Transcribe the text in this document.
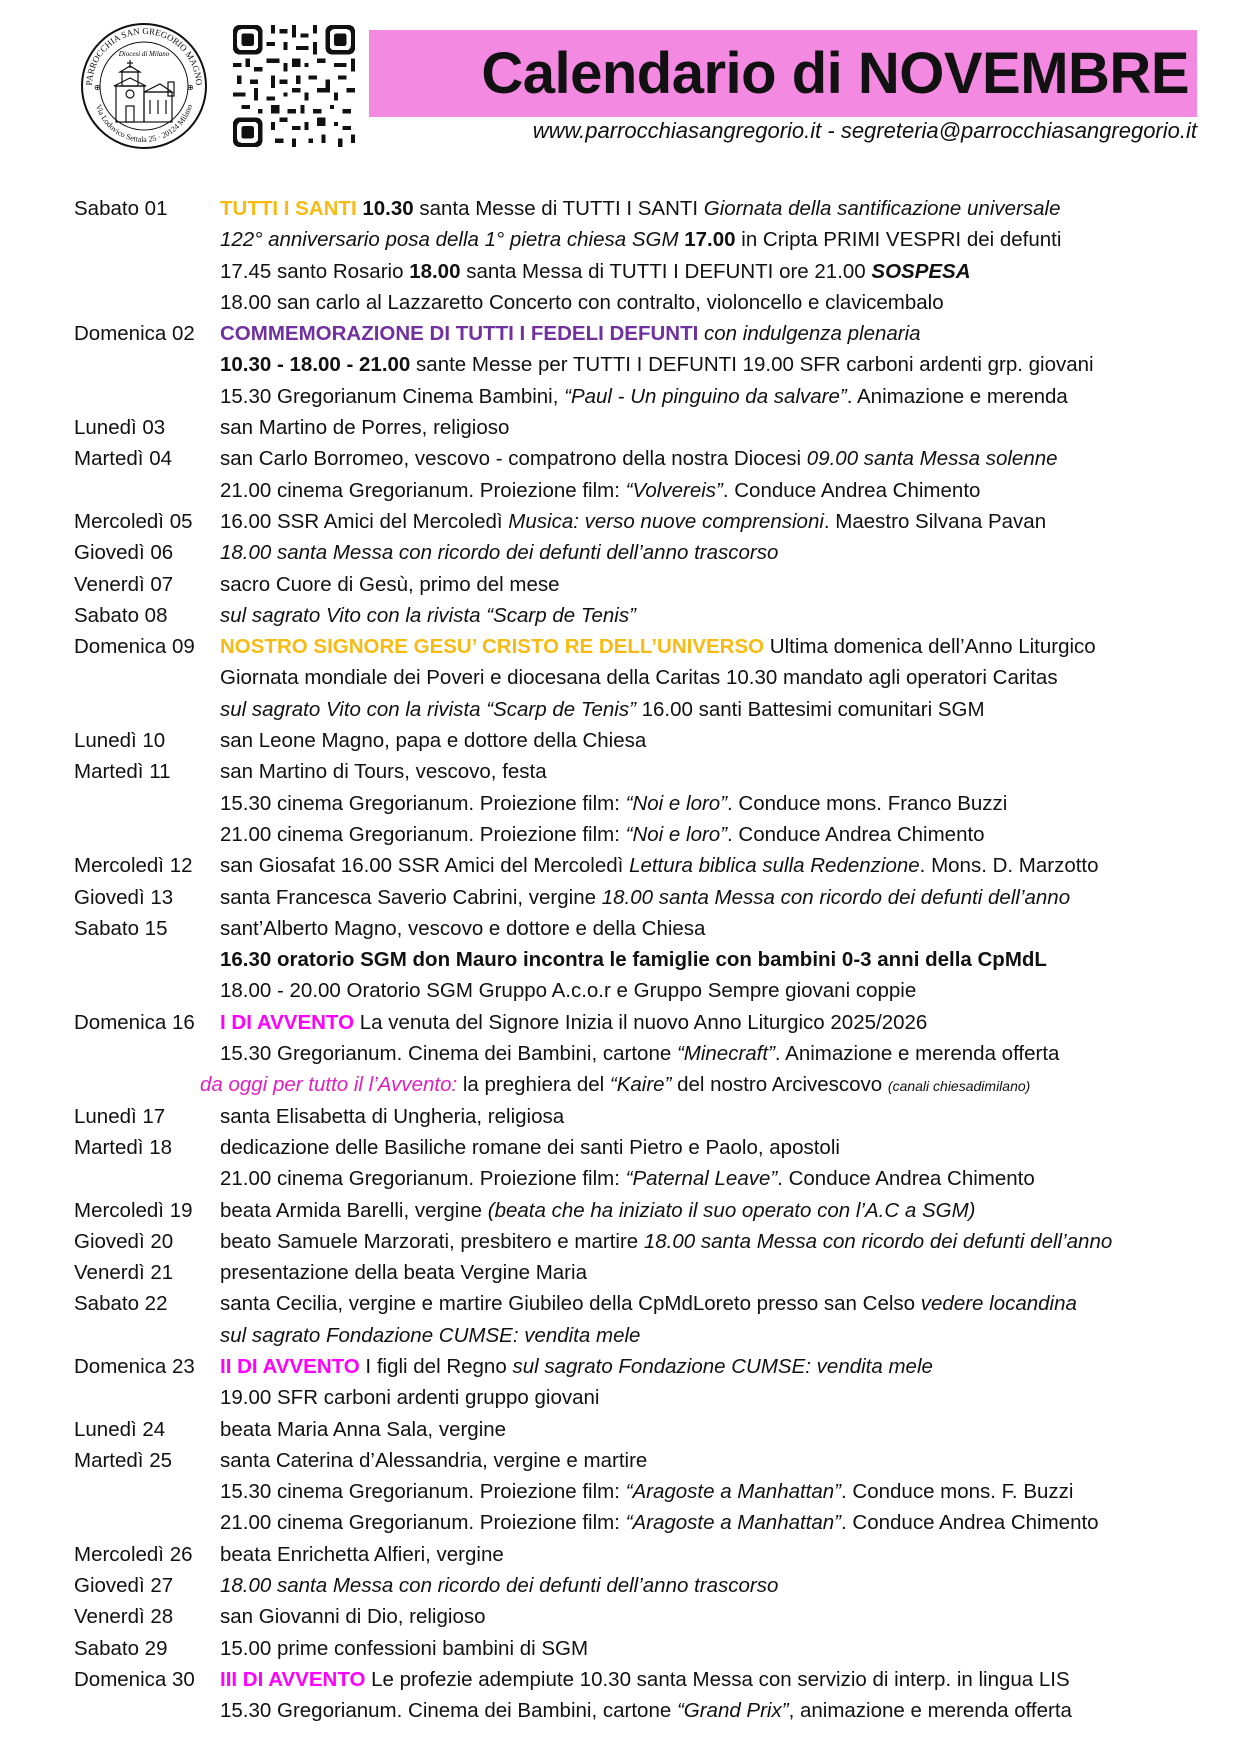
PARROCCHIA SAN GREGORIO MAGNO
Via Lodovico Settala 25 · 20124 Milano
Diocesi di Milano
⊕	⊕	Calendario di NOVEMBRE
www.parrocchiasangregorio.it - segreteria@parrocchiasangregorio.it
Sabato 01	TUTTI I SANTI 10.30 santa Messe di TUTTI I SANTI Giornata della santificazione universale
122° anniversario posa della 1° pietra chiesa SGM 17.00 in Cripta PRIMI VESPRI dei defunti
17.45 santo Rosario 18.00 santa Messa di TUTTI I DEFUNTI ore 21.00 SOSPESA
18.00 san carlo al Lazzaretto Concerto con contralto, violoncello e clavicembalo
Domenica 02	COMMEMORAZIONE DI TUTTI I FEDELI DEFUNTI con indulgenza plenaria
10.30 - 18.00 - 21.00 sante Messe per TUTTI I DEFUNTI 19.00 SFR carboni ardenti grp. giovani
15.30 Gregorianum Cinema Bambini, “Paul - Un pinguino da salvare”. Animazione e merenda
Lunedì 03	san Martino de Porres, religioso
Martedì 04	san Carlo Borromeo, vescovo - compatrono della nostra Diocesi 09.00 santa Messa solenne
21.00 cinema Gregorianum. Proiezione film: “Volvereis”. Conduce Andrea Chimento
Mercoledì 05	16.00 SSR Amici del Mercoledì Musica: verso nuove comprensioni. Maestro Silvana Pavan
Giovedì 06	18.00 santa Messa con ricordo dei defunti dell’anno trascorso
Venerdì 07	sacro Cuore di Gesù, primo del mese
Sabato 08	sul sagrato Vito con la rivista “Scarp de Tenis”
Domenica 09	NOSTRO SIGNORE GESU’ CRISTO RE DELL’UNIVERSO Ultima domenica dell’Anno Liturgico
Giornata mondiale dei Poveri e diocesana della Caritas 10.30 mandato agli operatori Caritas
sul sagrato Vito con la rivista “Scarp de Tenis” 16.00 santi Battesimi comunitari SGM
Lunedì 10	san Leone Magno, papa e dottore della Chiesa
Martedì 11	san Martino di Tours, vescovo, festa
15.30 cinema Gregorianum. Proiezione film: “Noi e loro”. Conduce mons. Franco Buzzi
21.00 cinema Gregorianum. Proiezione film: “Noi e loro”. Conduce Andrea Chimento
Mercoledì 12	san Giosafat 16.00 SSR Amici del Mercoledì Lettura biblica sulla Redenzione. Mons. D. Marzotto
Giovedì 13	santa Francesca Saverio Cabrini, vergine 18.00 santa Messa con ricordo dei defunti dell’anno
Sabato 15	sant’Alberto Magno, vescovo e dottore e della Chiesa
16.30 oratorio SGM don Mauro incontra le famiglie con bambini 0-3 anni della CpMdL
18.00 - 20.00 Oratorio SGM Gruppo A.c.o.r e Gruppo Sempre giovani coppie
Domenica 16	I DI AVVENTO La venuta del Signore Inizia il nuovo Anno Liturgico 2025/2026
15.30 Gregorianum. Cinema dei Bambini, cartone “Minecraft”. Animazione e merenda offerta
da oggi per tutto il l’Avvento: la preghiera del “Kaire” del nostro Arcivescovo (canali chiesadimilano)
Lunedì 17	santa Elisabetta di Ungheria, religiosa
Martedì 18	dedicazione delle Basiliche romane dei santi Pietro e Paolo, apostoli
21.00 cinema Gregorianum. Proiezione film: “Paternal Leave”. Conduce Andrea Chimento
Mercoledì 19	beata Armida Barelli, vergine (beata che ha iniziato il suo operato con l’A.C a SGM)
Giovedì 20	beato Samuele Marzorati, presbitero e martire 18.00 santa Messa con ricordo dei defunti dell’anno
Venerdì 21	presentazione della beata Vergine Maria
Sabato 22	santa Cecilia, vergine e martire Giubileo della CpMdLoreto presso san Celso vedere locandina
sul sagrato Fondazione CUMSE: vendita mele
Domenica 23	II DI AVVENTO I figli del Regno sul sagrato Fondazione CUMSE: vendita mele
19.00 SFR carboni ardenti gruppo giovani
Lunedì 24	beata Maria Anna Sala, vergine
Martedì 25	santa Caterina d’Alessandria, vergine e martire
15.30 cinema Gregorianum. Proiezione film: “Aragoste a Manhattan”. Conduce mons. F. Buzzi
21.00 cinema Gregorianum. Proiezione film: “Aragoste a Manhattan”. Conduce Andrea Chimento
Mercoledì 26	beata Enrichetta Alfieri, vergine
Giovedì 27	18.00 santa Messa con ricordo dei defunti dell’anno trascorso
Venerdì 28	san Giovanni di Dio, religioso
Sabato 29	15.00 prime confessioni bambini di SGM
Domenica 30	III DI AVVENTO Le profezie adempiute 10.30 santa Messa con servizio di interp. in lingua LIS
15.30 Gregorianum. Cinema dei Bambini, cartone “Grand Prix”, animazione e merenda offerta
